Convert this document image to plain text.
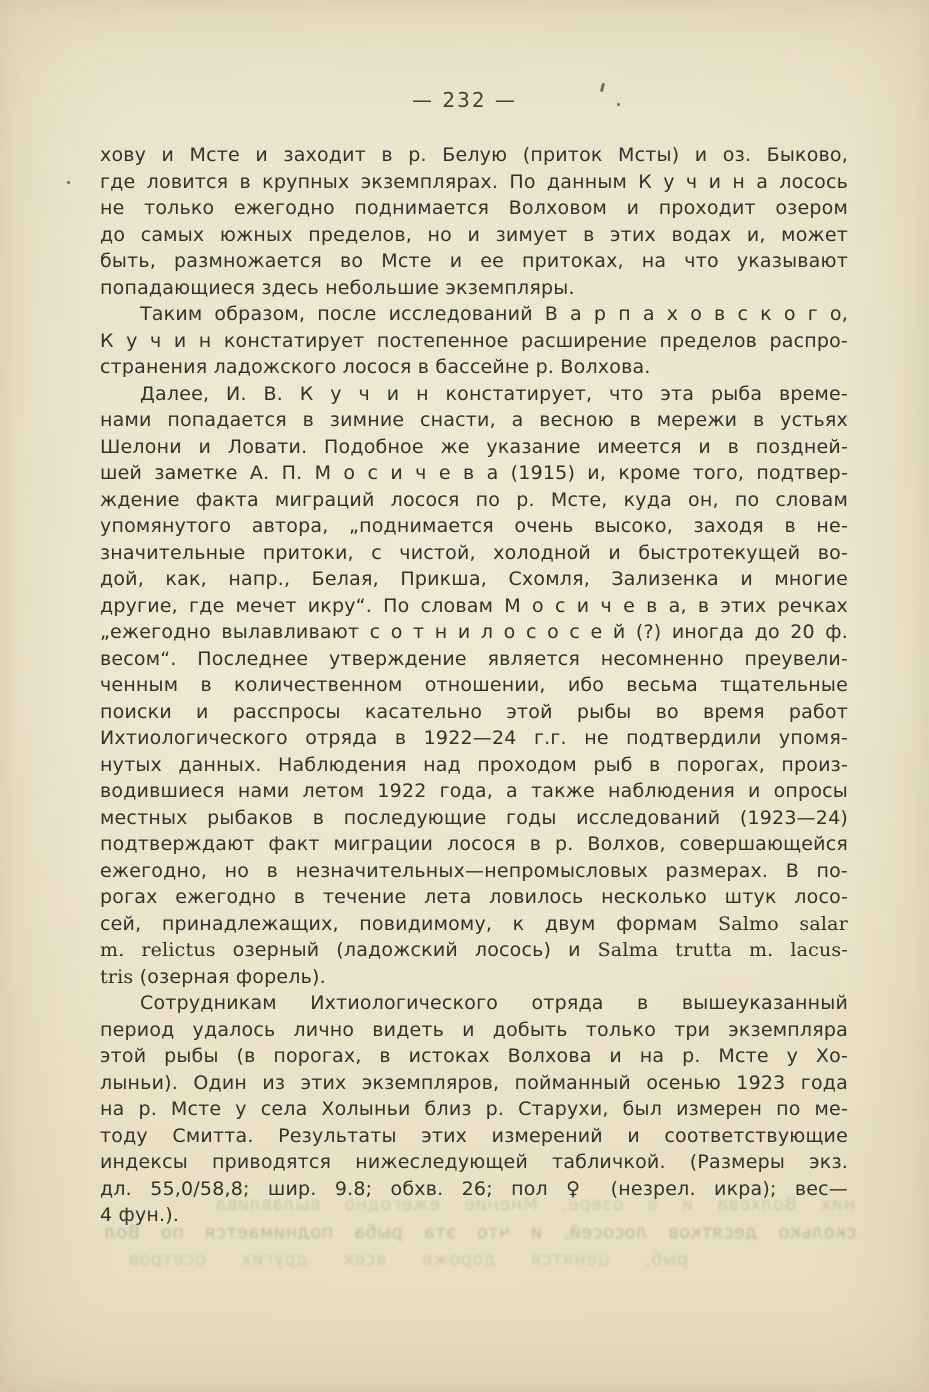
— 232 —
хову и Мсте и заходит в р. Белую (приток Мсты) и оз. Быково,
где ловится в крупных экземплярах. По данным К у ч и н а лосось
не только ежегодно поднимается Волховом и проходит озером
до самых южных пределов, но и зимует в этих водах и, может
быть, размножается во Мсте и ее притоках, на что указывают
попадающиеся здесь небольшие экземпляры.
Таким образом, после исследований В а р п а х о в с к о г о,
К у ч и н констатирует постепенное расширение пределов распро-
странения ладожского лосося в бассейне р. Волхова.
Далее, И. В. К у ч и н констатирует, что эта рыба време-
нами попадается в зимние снасти, а весною в мережи в устьях
Шелони и Ловати. Подобное же указание имеется и в поздней-
шей заметке А. П. М о с и ч е в а (1915) и, кроме того, подтвер-
ждение факта миграций лосося по р. Мсте, куда он, по словам
упомянутого автора, „поднимается очень высоко, заходя в не-
значительные притоки, с чистой, холодной и быстротекущей во-
дой, как, напр., Белая, Прикша, Схомля, Зализенка и многие
другие, где мечет икру“. По словам М о с и ч е в а, в этих речках
„ежегодно вылавливают с о т н и л о с о с е й (?) иногда до 20 ф.
весом“. Последнее утверждение является несомненно преувели-
ченным в количественном отношении, ибо весьма тщательные
поиски и расспросы касательно этой рыбы во время работ
Ихтиологического отряда в 1922—24 г.г. не подтвердили упомя-
нутых данных. Наблюдения над проходом рыб в порогах, произ-
водившиеся нами летом 1922 года, а также наблюдения и опросы
местных рыбаков в последующие годы исследований (1923—24)
подтверждают факт миграции лосося в р. Волхов, совершающейся
ежегодно, но в незначительных—непромысловых размерах. В по-
рогах ежегодно в течение лета ловилось несколько штук лосо-
сей, принадлежащих, повидимому, к двум формам Salmo salar
m. relictus озерный (ладожский лосось) и Salma trutta m. lacus-
tris (озерная форель).
Сотрудникам Ихтиологического отряда в вышеуказанный
период удалось лично видеть и добыть только три экземпляра
этой рыбы (в порогах, в истоках Волхова и на р. Мсте у Хо-
лыньи). Один из этих экземпляров, пойманный осенью 1923 года
на р. Мсте у села Холыньи близ р. Старухи, был измерен по ме-
тоду Смитта. Результаты этих измерений и соответствующие
индексы приводятся нижеследующей табличкой. (Размеры экз.
дл. 55,0/58,8; шир. 9.8; обхв. 26; пол ♀ (незрел. икра); вес—
4 фун.).	них Волхова и в озере. Мнение ежегодно вылавлива
сколько десятков лососей, и что эта рыба поднимается по Вол
рыб, ценятся дороже всех других осетров
